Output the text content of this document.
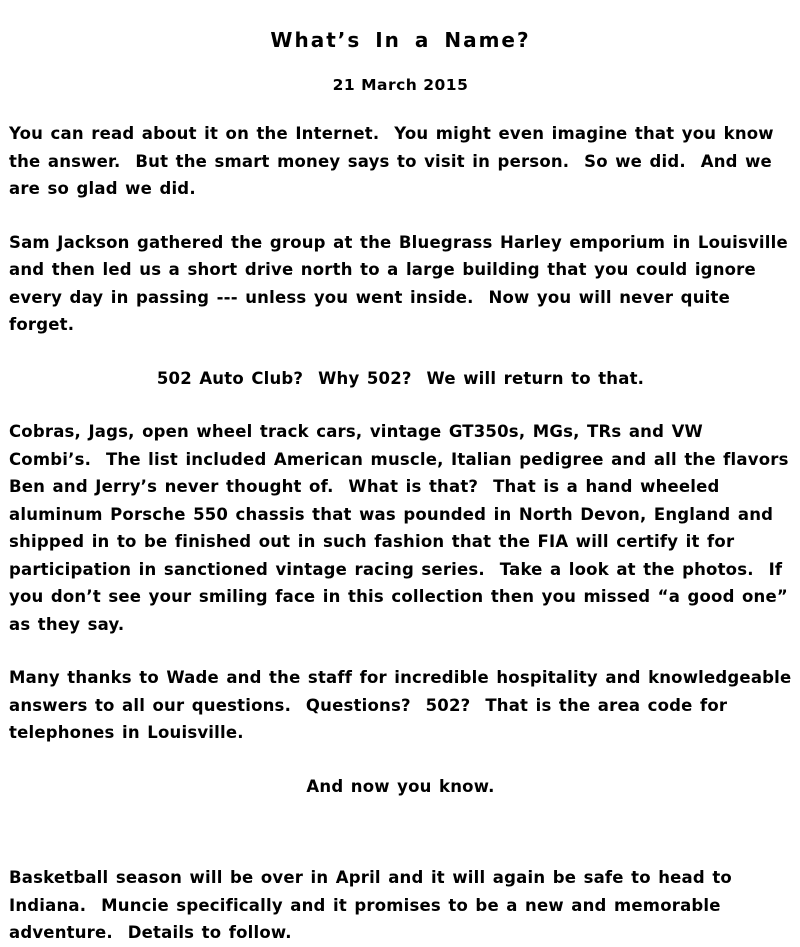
What’s In a Name?
21 March 2015

You can read about it on the Internet.  You might even imagine that you know the answer.  But the smart money says to visit in person.  So we did.  And we are so glad we did.

Sam Jackson gathered the group at the Bluegrass Harley emporium in Louisville and then led us a short drive north to a large building that you could ignore every day in passing --- unless you went inside.  Now you will never quite forget.

502 Auto Club?  Why 502?  We will return to that.

Cobras, Jags, open wheel track cars, vintage GT350s, MGs, TRs and VW Combi’s.  The list included American muscle, Italian pedigree and all the flavors Ben and Jerry’s never thought of.  What is that?  That is a hand wheeled aluminum Porsche 550 chassis that was pounded in North Devon, England and shipped in to be finished out in such fashion that the FIA will certify it for participation in sanctioned vintage racing series.  Take a look at the photos.  If you don’t see your smiling face in this collection then you missed “a good one” as they say.

Many thanks to Wade and the staff for incredible hospitality and knowledgeable answers to all our questions.  Questions?  502?  That is the area code for telephones in Louisville.

And now you know.

Basketball season will be over in April and it will again be safe to head to Indiana.  Muncie specifically and it promises to be a new and memorable adventure.  Details to follow.
